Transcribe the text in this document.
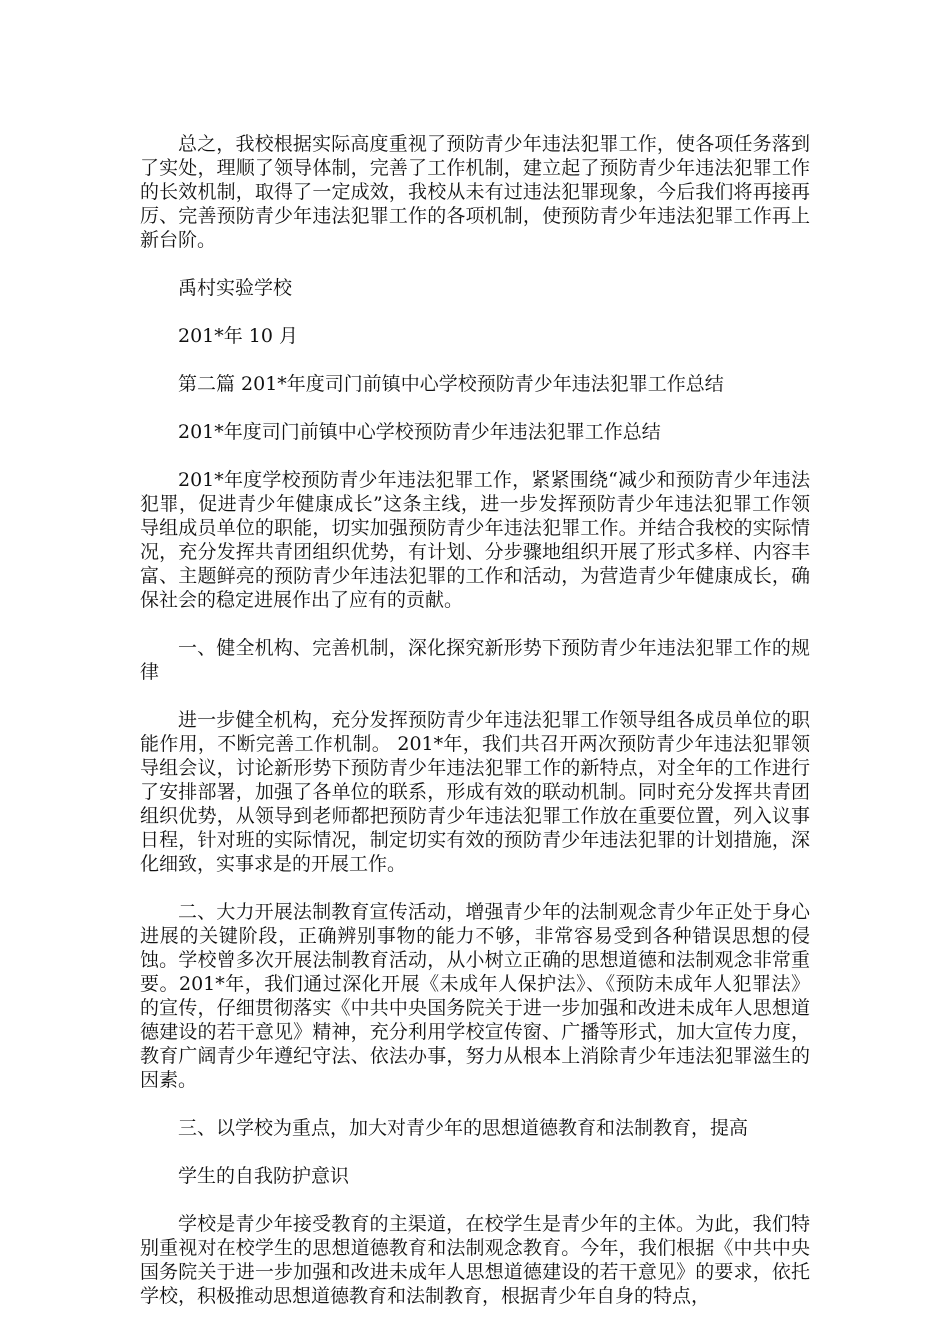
总之，我校根据实际高度重视了预防青少年违法犯罪工作，使各项任务落到了实处，理顺了领导体制，完善了工作机制，建立起了预防青少年违法犯罪工作的长效机制，取得了一定成效，我校从未有过违法犯罪现象，今后我们将再接再厉、完善预防青少年违法犯罪工作的各项机制，使预防青少年违法犯罪工作再上新台阶。

禹村实验学校

201*年 10 月

第二篇 201*年度司门前镇中心学校预防青少年违法犯罪工作总结

201*年度司门前镇中心学校预防青少年违法犯罪工作总结

201*年度学校预防青少年违法犯罪工作，紧紧围绕“减少和预防青少年违法犯罪，促进青少年健康成长”这条主线，进一步发挥预防青少年违法犯罪工作领导组成员单位的职能，切实加强预防青少年违法犯罪工作。并结合我校的实际情况，充分发挥共青团组织优势，有计划、分步骤地组织开展了形式多样、内容丰富、主题鲜亮的预防青少年违法犯罪的工作和活动，为营造青少年健康成长，确保社会的稳定进展作出了应有的贡献。

一、健全机构、完善机制，深化探究新形势下预防青少年违法犯罪工作的规律

进一步健全机构，充分发挥预防青少年违法犯罪工作领导组各成员单位的职能作用，不断完善工作机制。 201*年，我们共召开两次预防青少年违法犯罪领导组会议，讨论新形势下预防青少年违法犯罪工作的新特点，对全年的工作进行了安排部署，加强了各单位的联系，形成有效的联动机制。同时充分发挥共青团组织优势，从领导到老师都把预防青少年违法犯罪工作放在重要位置，列入议事日程，针对班的实际情况，制定切实有效的预防青少年违法犯罪的计划措施，深化细致，实事求是的开展工作。

二、大力开展法制教育宣传活动，增强青少年的法制观念青少年正处于身心进展的关键阶段，正确辨别事物的能力不够，非常容易受到各种错误思想的侵蚀。学校曾多次开展法制教育活动，从小树立正确的思想道德和法制观念非常重要。201*年，我们通过深化开展《未成年人保护法》、《预防未成年人犯罪法》的宣传，仔细贯彻落实《中共中央国务院关于进一步加强和改进未成年人思想道德建设的若干意见》精神，充分利用学校宣传窗、广播等形式，加大宣传力度，教育广阔青少年遵纪守法、依法办事，努力从根本上消除青少年违法犯罪滋生的因素。

三、以学校为重点，加大对青少年的思想道德教育和法制教育，提高

学生的自我防护意识

学校是青少年接受教育的主渠道，在校学生是青少年的主体。为此，我们特别重视对在校学生的思想道德教育和法制观念教育。今年，我们根据《中共中央国务院关于进一步加强和改进未成年人思想道德建设的若干意见》的要求，依托学校，积极推动思想道德教育和法制教育，根据青少年自身的特点，
